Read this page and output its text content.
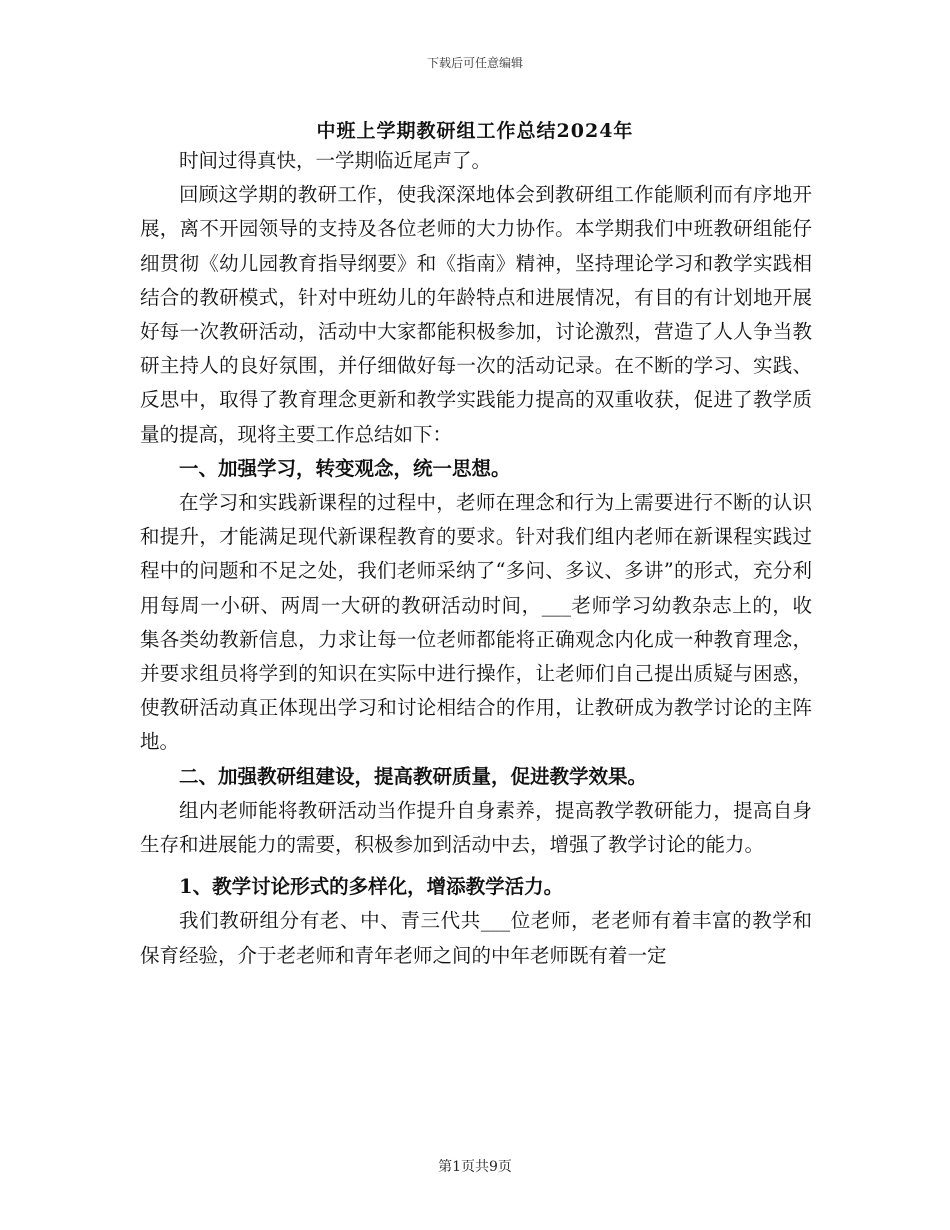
下载后可任意编辑
中班上学期教研组工作总结2024年

时间过得真快，一学期临近尾声了。

回顾这学期的教研工作，使我深深地体会到教研组工作能顺利而有序地开展，离不开园领导的支持及各位老师的大力协作。本学期我们中班教研组能仔细贯彻《幼儿园教育指导纲要》和《指南》精神，坚持理论学习和教学实践相结合的教研模式，针对中班幼儿的年龄特点和进展情况，有目的有计划地开展好每一次教研活动，活动中大家都能积极参加，讨论激烈，营造了人人争当教研主持人的良好氛围，并仔细做好每一次的活动记录。在不断的学习、实践、反思中，取得了教育理念更新和教学实践能力提高的双重收获，促进了教学质量的提高，现将主要工作总结如下：

一、加强学习，转变观念，统一思想。

在学习和实践新课程的过程中，老师在理念和行为上需要进行不断的认识和提升，才能满足现代新课程教育的要求。针对我们组内老师在新课程实践过程中的问题和不足之处，我们老师采纳了“多问、多议、多讲”的形式，充分利用每周一小研、两周一大研的教研活动时间，___老师学习幼教杂志上的，收集各类幼教新信息，力求让每一位老师都能将正确观念内化成一种教育理念，并要求组员将学到的知识在实际中进行操作，让老师们自己提出质疑与困惑，使教研活动真正体现出学习和讨论相结合的作用，让教研成为教学讨论的主阵地。

二、加强教研组建设，提高教研质量，促进教学效果。

组内老师能将教研活动当作提升自身素养，提高教学教研能力，提高自身生存和进展能力的需要，积极参加到活动中去，增强了教学讨论的能力。

1、教学讨论形式的多样化，增添教学活力。

我们教研组分有老、中、青三代共___位老师，老老师有着丰富的教学和保育经验，介于老老师和青年老师之间的中年老师既有着一定

第1页共9页
